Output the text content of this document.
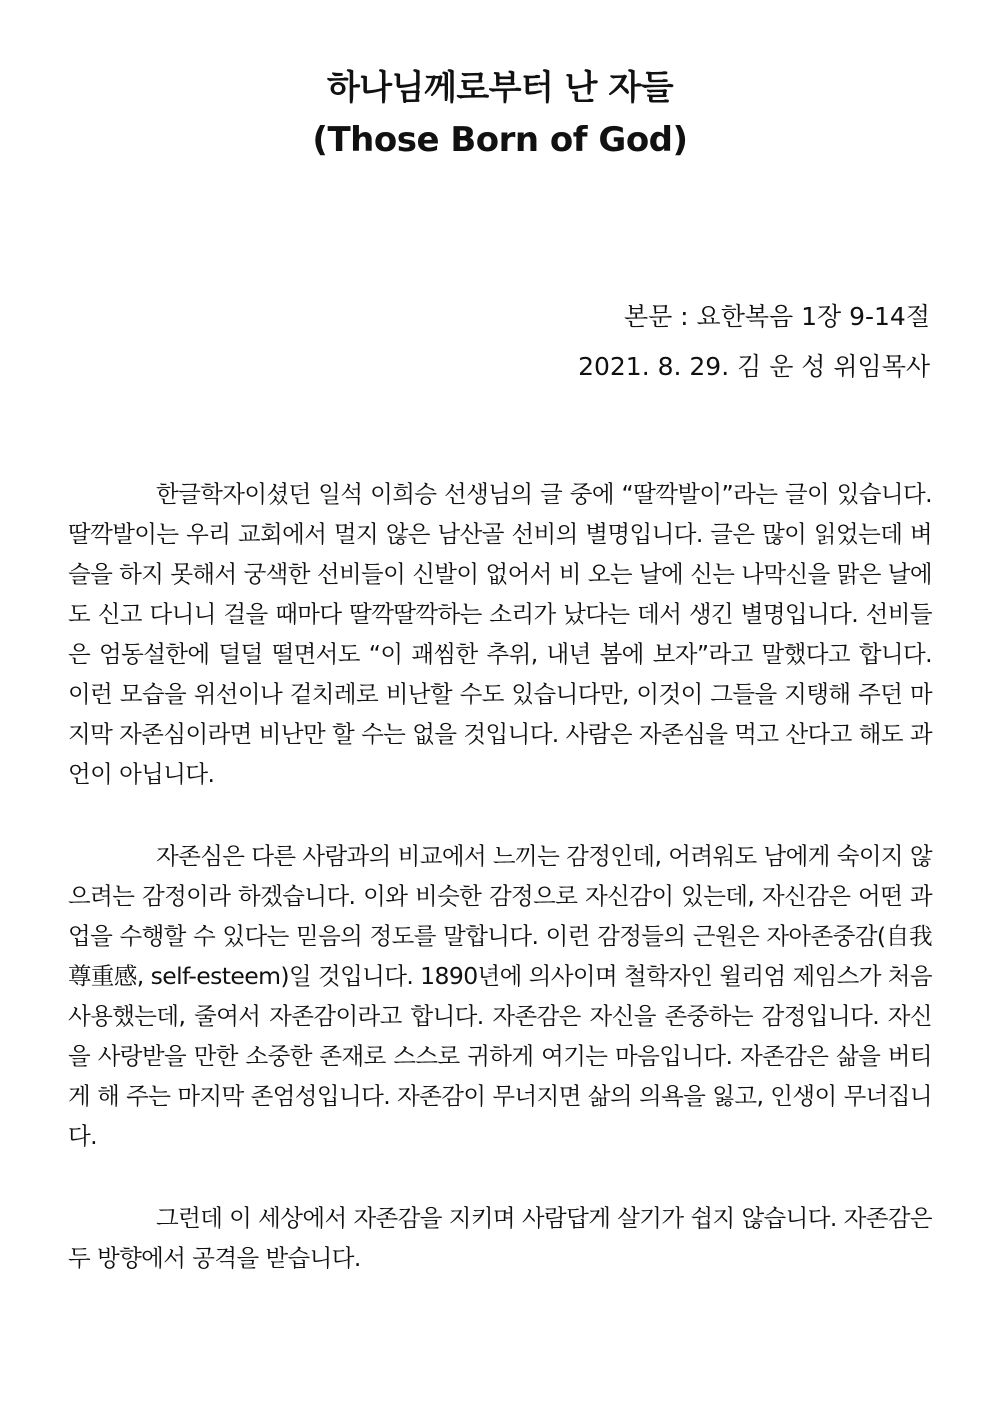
하나님께로부터 난 자들
(Those Born of God)
본문 : 요한복음 1장 9-14절
2021. 8. 29. 김 운 성 위임목사

한글학자이셨던 일석 이희승 선생님의 글 중에 “딸깍발이”라는 글이 있습니다. 딸깍발이는 우리 교회에서 멀지 않은 남산골 선비의 별명입니다. 글은 많이 읽었는데 벼슬을 하지 못해서 궁색한 선비들이 신발이 없어서 비 오는 날에 신는 나막신을 맑은 날에도 신고 다니니 걸을 때마다 딸깍딸깍하는 소리가 났다는 데서 생긴 별명입니다. 선비들은 엄동설한에 덜덜 떨면서도 “이 괘씸한 추위, 내년 봄에 보자”라고 말했다고 합니다. 이런 모습을 위선이나 겉치레로 비난할 수도 있습니다만, 이것이 그들을 지탱해 주던 마지막 자존심이라면 비난만 할 수는 없을 것입니다. 사람은 자존심을 먹고 산다고 해도 과언이 아닙니다.

자존심은 다른 사람과의 비교에서 느끼는 감정인데, 어려워도 남에게 숙이지 않으려는 감정이라 하겠습니다. 이와 비슷한 감정으로 자신감이 있는데, 자신감은 어떤 과업을 수행할 수 있다는 믿음의 정도를 말합니다. 이런 감정들의 근원은 자아존중감(自我尊重感, self-esteem)일 것입니다. 1890년에 의사이며 철학자인 윌리엄 제임스가 처음 사용했는데, 줄여서 자존감이라고 합니다. 자존감은 자신을 존중하는 감정입니다. 자신을 사랑받을 만한 소중한 존재로 스스로 귀하게 여기는 마음입니다. 자존감은 삶을 버티게 해 주는 마지막 존엄성입니다. 자존감이 무너지면 삶의 의욕을 잃고, 인생이 무너집니다.

그런데 이 세상에서 자존감을 지키며 사람답게 살기가 쉽지 않습니다. 자존감은 두 방향에서 공격을 받습니다.
